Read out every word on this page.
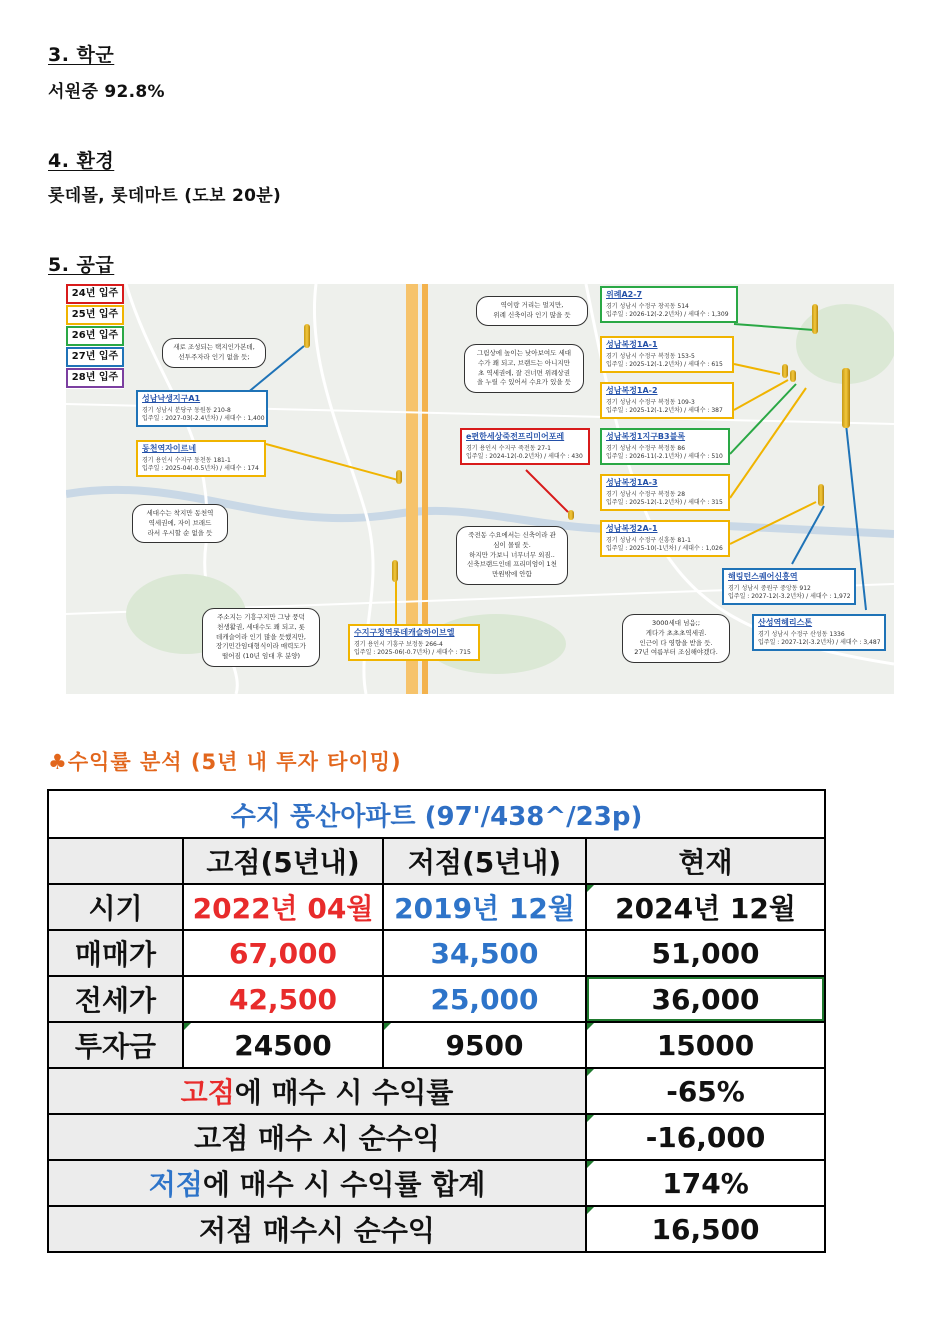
3. 학군
서원중 92.8%
4. 환경
롯데몰, 롯데마트 (도보 20분)
5. 공급
24년 입주
25년 입주
26년 입주
27년 입주
28년 입주
성남낙생지구A1
경기 성남시 분당구 동원동 210-8
입주일 : 2027-03(-2.4년차) / 세대수 : 1,400
동천역자이르네
경기 용인시 수지구 동천동 181-1
입주일 : 2025-04(-0.5년차) / 세대수 : 174
e편한세상죽전프리미어포레
경기 용인시 수지구 죽전동 27-1
입주일 : 2024-12(-0.2년차) / 세대수 : 430
수지구청역롯데캐슬하이브엘
경기 용인시 기흥구 보정동 266-4
입주일 : 2025-06(-0.7년차) / 세대수 : 715
위례A2-7
경기 성남시 수정구 창곡동 514
입주일 : 2026-12(-2.2년차) / 세대수 : 1,309
성남복정1A-1
경기 성남시 수정구 복정동 153-5
입주일 : 2025-12(-1.2년차) / 세대수 : 615
성남복정1A-2
경기 성남시 수정구 복정동 109-3
입주일 : 2025-12(-1.2년차) / 세대수 : 387
성남복정1지구B3블록
경기 성남시 수정구 복정동 86
입주일 : 2026-11(-2.1년차) / 세대수 : 510
성남복정1A-3
경기 성남시 수정구 복정동 28
입주일 : 2025-12(-1.2년차) / 세대수 : 315
성남복정2A-1
경기 성남시 수정구 신흥동 81-1
입주일 : 2025-10(-1년차) / 세대수 : 1,026
해링턴스퀘어신흥역
경기 성남시 중원구 중앙동 912
입주일 : 2027-12(-3.2년차) / 세대수 : 1,972
산성역헤리스톤
경기 성남시 수정구 산성동 1336
입주일 : 2027-12(-3.2년차) / 세대수 : 3,487
새로 조성되는 택지인가본데,
선투주자라 인기 없을 듯;
세대수는 착지만 동천역
역세권에, 자이 브래드
라서 우시할 순 없을 듯
주소지는 기흥구지만 그냥 풍덕
천생활권, 세대수도 꽤 되고, 롯
데캐슬이라 인기 많을 듯했지만,
장기민간임대형식이라 매력도가
떨어짐 (10년 임대 후 분양)
역이랑 거리는 멀지만,
위례 신축이라 인기 많을 듯
그림상에 높이는 낮아보여도 세대
수가 꽤 되고, 브랜드는 아니지만
초 역세권에, 잘 건너면 위례상권
을 누릴 수 있어서 수요가 있을 듯
죽전동 수요에서는 신축이라 관
심이 몰릴 듯.
하지만 가보니 너무너무 외짐..
신축브랜드인데 프리미엄이 1천
만원밖에 안함
3000세대 넘음;;
게다가 초초초역세권.
인근이 다 영향을 받을 듯.
27년 여름부터 조심해야겠다.
♣수익률 분석 (5년 내 투자 타이밍)
수지 풍산아파트 (97'/438^/23p)			
	고점(5년내)	저점(5년내)	현재
시기	2022년 04월	2019년 12월	2024년 12월
매매가	67,000	34,500	51,000
전세가	42,500	25,000	36,000
투자금	24500	9500	15000
고점에 매수 시 수익률			-65%
고점 매수 시 순수익			-16,000
저점에 매수 시 수익률 합계			174%
저점 매수시 순수익			16,500
